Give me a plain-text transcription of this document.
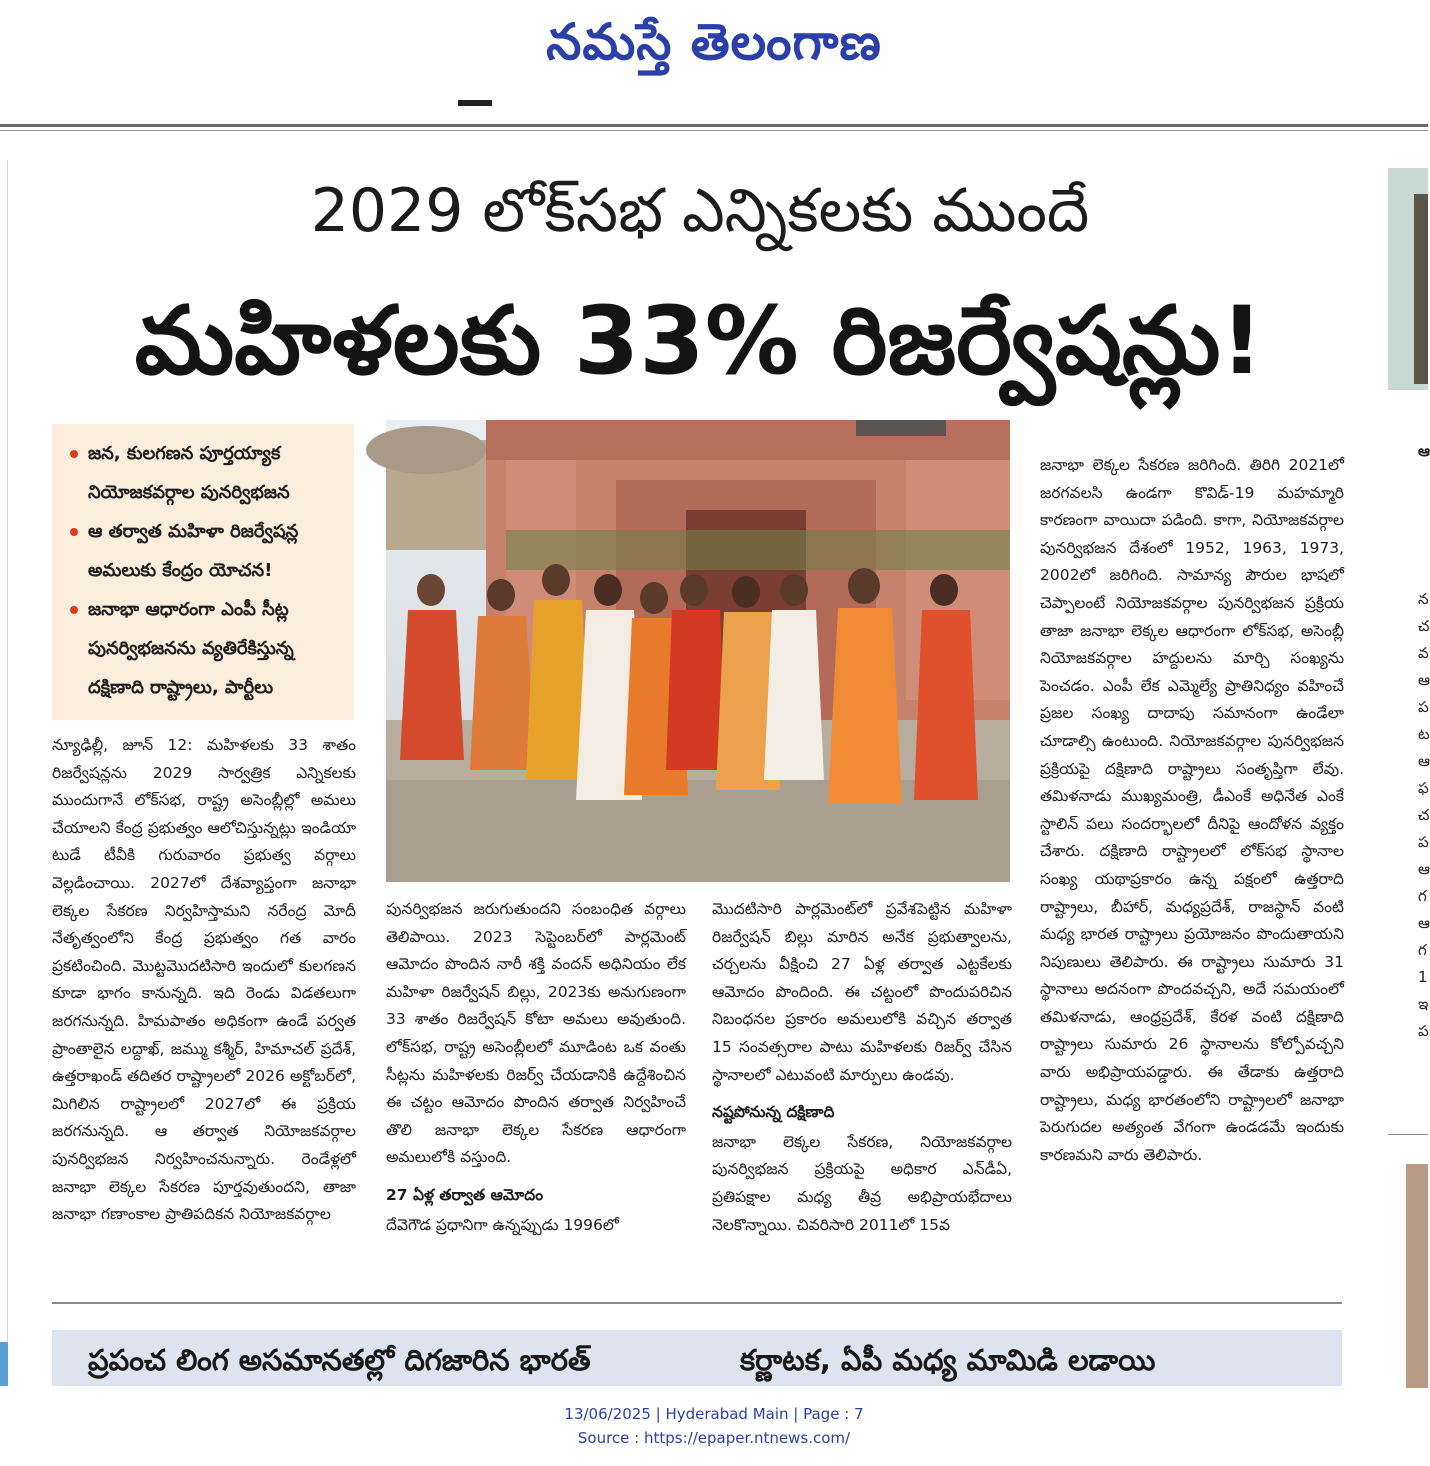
నమస్తే తెలంగాణ
2029 లోక్‌సభ ఎన్నికలకు ముందే
మహిళలకు 33% రిజర్వేషన్లు!
జన, కులగణన పూర్తయ్యాక
నియోజకవర్గాల పునర్విభజన
ఆ తర్వాత మహిళా రిజర్వేషన్ల
అమలుకు కేంద్రం యోచన!
జనాభా ఆధారంగా ఎంపీ సీట్ల
పునర్విభజనను వ్యతిరేకిస్తున్న
దక్షిణాది రాష్ట్రాలు, పార్టీలు

న్యూఢిల్లీ, జూన్‌ 12: మహిళలకు 33 శాతం రిజర్వేషన్లను 2029 సార్వత్రిక ఎన్నికలకు ముందుగానే లోక్‌సభ, రాష్ట్ర అసెంబ్లీల్లో అమలు చేయాలని కేంద్ర ప్రభుత్వం ఆలోచిస్తున్నట్లు ఇండియా టుడే టీవీకి గురువారం ప్రభుత్వ వర్గాలు వెల్లడించాయి. 2027లో దేశవ్యాప్తంగా జనాభా లెక్కల సేకరణ నిర్వహిస్తామని నరేంద్ర మోదీ నేతృత్వంలోని కేంద్ర ప్రభుత్వం గత వారం ప్రకటించింది. మొట్టమొదటిసారి ఇందులో కులగణన కూడా భాగం కానున్నది. ఇది రెండు విడతలుగా జరగనున్నది. హిమపాతం అధికంగా ఉండే పర్వత ప్రాంతాలైన లద్దాఖ్‌, జమ్ము కశ్మీర్‌, హిమాచల్‌ ప్రదేశ్‌, ఉత్తరాఖండ్‌ తదితర రాష్ట్రాలలో 2026 అక్టోబర్‌లో, మిగిలిన రాష్ట్రాలలో 2027లో ఈ ప్రక్రియ జరగనున్నది. ఆ తర్వాత నియోజకవర్గాల పునర్విభజన నిర్వహించనున్నారు. రెండేళ్లలో జనాభా లెక్కల సేకరణ పూర్తవుతుందని, తాజా జనాభా గణాంకాల ప్రాతిపదికన నియోజకవర్గాల

పునర్విభజన జరుగుతుందని సంబంధిత వర్గాలు తెలిపాయి. 2023 సెప్టెంబర్‌లో పార్లమెంట్‌ ఆమోదం పొందిన నారీ శక్తి వందన్‌ అధినియం లేక మహిళా రిజర్వేషన్‌ బిల్లు, 2023కు అనుగుణంగా 33 శాతం రిజర్వేషన్‌ కోటా అమలు అవుతుంది. లోక్‌సభ, రాష్ట్ర అసెంబ్లీలలో మూడింట ఒక వంతు సీట్లను మహిళలకు రిజర్వ్‌ చేయడానికి ఉద్దేశించిన ఈ చట్టం ఆమోదం పొందిన తర్వాత నిర్వహించే తొలి జనాభా లెక్కల సేకరణ ఆధారంగా అమలులోకి వస్తుంది.

27 ఏళ్ల తర్వాత ఆమోదం

దేవెగౌడ ప్రధానిగా ఉన్నప్పుడు 1996లో

మొదటిసారి పార్లమెంట్‌లో ప్రవేశపెట్టిన మహిళా రిజర్వేషన్‌ బిల్లు మారిన అనేక ప్రభుత్వాలను, చర్చలను వీక్షించి 27 ఏళ్ల తర్వాత ఎట్టకేలకు ఆమోదం పొందింది. ఈ చట్టంలో పొందుపరిచిన నిబంధనల ప్రకారం అమలులోకి వచ్చిన తర్వాత 15 సంవత్సరాల పాటు మహిళలకు రిజర్వ్‌ చేసిన స్థానాలలో ఎటువంటి మార్పులు ఉండవు.

నష్టపోనున్న దక్షిణాది

జనాభా లెక్కల సేకరణ, నియోజకవర్గాల పునర్విభజన ప్రక్రియపై అధికార ఎన్‌డీఏ, ప్రతిపక్షాల మధ్య తీవ్ర అభిప్రాయభేదాలు నెలకొన్నాయి. చివరిసారి 2011లో 15వ

జనాభా లెక్కల సేకరణ జరిగింది. తిరిగి 2021లో జరగవలసి ఉండగా కొవిడ్‌-19 మహమ్మారి కారణంగా వాయిదా పడింది. కాగా, నియోజకవర్గాల పునర్విభజన దేశంలో 1952, 1963, 1973, 2002లో జరిగింది. సామాన్య పౌరుల భాషలో చెప్పాలంటే నియోజకవర్గాల పునర్విభజన ప్రక్రియ తాజా జనాభా లెక్కల ఆధారంగా లోక్‌సభ, అసెంబ్లీ నియోజకవర్గాల హద్దులను మార్చి సంఖ్యను పెంచడం. ఎంపీ లేక ఎమ్మెల్యే ప్రాతినిధ్యం వహించే ప్రజల సంఖ్య దాదాపు సమానంగా ఉండేలా చూడాల్సి ఉంటుంది. నియోజకవర్గాల పునర్విభజన ప్రక్రియపై దక్షిణాది రాష్ట్రాలు సంతృప్తిగా లేవు. తమిళనాడు ముఖ్యమంత్రి, డీఎంకే అధినేత ఎంకే స్టాలిన్‌ పలు సందర్భాలలో దీనిపై ఆందోళన వ్యక్తం చేశారు. దక్షిణాది రాష్ట్రాలలో లోక్‌సభ స్థానాల సంఖ్య యథాప్రకారం ఉన్న పక్షంలో ఉత్తరాది రాష్ట్రాలు, బీహార్‌, మధ్యప్రదేశ్‌, రాజస్థాన్‌ వంటి మధ్య భారత రాష్ట్రాలు ప్రయోజనం పొందుతాయని నిపుణులు తెలిపారు. ఈ రాష్ట్రాలు సుమారు 31 స్థానాలు అదనంగా పొందవచ్చని, అదే సమయంలో తమిళనాడు, ఆంధ్రప్రదేశ్‌, కేరళ వంటి దక్షిణాది రాష్ట్రాలు సుమారు 26 స్థానాలను కోల్పోవచ్చని వారు అభిప్రాయపడ్డారు. ఈ తేడాకు ఉత్తరాది రాష్ట్రాలు, మధ్య భారతంలోని రాష్ట్రాలలో జనాభా పెరుగుదల అత్యంత వేగంగా ఉండడమే ఇందుకు కారణమని వారు తెలిపారు.

ప్రపంచ లింగ అసమానతల్లో దిగజారిన భారత్‌	కర్ణాటక, ఏపీ మధ్య మామిడి లడాయి
ఆ
న
చ
వ
ఆ
ప
ట
ఆ
ఫ
చ
ప
ఆ
గ
ఆ
గ
1
ఇ
ప
13/06/2025 | Hyderabad Main | Page : 7
Source : https://epaper.ntnews.com/
